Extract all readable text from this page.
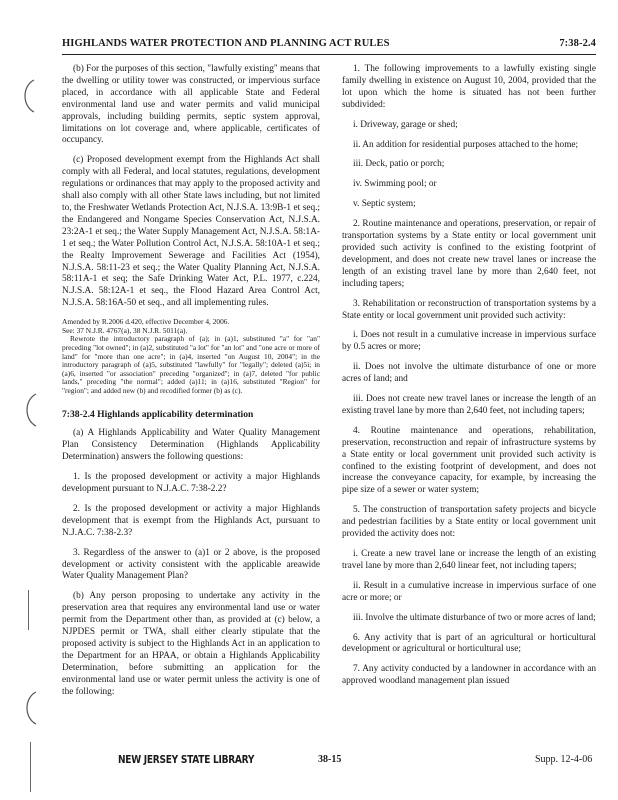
HIGHLANDS WATER PROTECTION AND PLANNING ACT RULES	7:38-2.4

(b) For the purposes of this section, "lawfully existing" means that the dwelling or utility tower was constructed, or impervious surface placed, in accordance with all applicable State and Federal environmental land use and water permits and valid municipal approvals, including building permits, septic system approval, limitations on lot coverage and, where applicable, certificates of occupancy.

(c) Proposed development exempt from the Highlands Act shall comply with all Federal, and local statutes, regulations, development regulations or ordinances that may apply to the proposed activity and shall also comply with all other State laws including, but not limited to, the Freshwater Wetlands Protection Act, N.J.S.A. 13:9B-1 et seq.; the Endangered and Nongame Species Conservation Act, N.J.S.A. 23:2A-1 et seq.; the Water Supply Management Act, N.J.S.A. 58:1A-1 et seq.; the Water Pollution Control Act, N.J.S.A. 58:10A-1 et seq.; the Realty Improvement Sewerage and Facilities Act (1954), N.J.S.A. 58:11-23 et seq.; the Water Quality Planning Act, N.J.S.A. 58:11A-1 et seq; the Safe Drinking Water Act, P.L. 1977, c.224, N.J.S.A. 58:12A-1 et seq., the Flood Hazard Area Control Act, N.J.S.A. 58:16A-50 et seq., and all implementing rules.

Amended by R.2006 d.420, effective December 4, 2006.
See: 37 N.J.R. 4767(a), 38 N.J.R. 5011(a).
Rewrote the introductory paragraph of (a); in (a)1, substituted "a" for "an" preceding "lot owned"; in (a)2, substituted "a lot" for "an lot" and "one acre or more of land" for "more than one acre"; in (a)4, inserted "on August 10, 2004"; in the introductory paragraph of (a)5, substituted "lawfully" for "legally"; deleted (a)5i; in (a)6, inserted "or association" preceding "organized"; in (a)7, deleted "for public lands," preceding "the normal"; added (a)11; in (a)16, substituted "Region" for "region"; and added new (b) and recodified former (b) as (c).
7:38-2.4 Highlands applicability determination

(a) A Highlands Applicability and Water Quality Management Plan Consistency Determination (Highlands Applicability Determination) answers the following questions:

1. Is the proposed development or activity a major Highlands development pursuant to N.J.A.C. 7:38-2.2?

2. Is the proposed development or activity a major Highlands development that is exempt from the Highlands Act, pursuant to N.J.A.C. 7:38-2.3?

3. Regardless of the answer to (a)1 or 2 above, is the proposed development or activity consistent with the applicable areawide Water Quality Management Plan?

(b) Any person proposing to undertake any activity in the preservation area that requires any environmental land use or water permit from the Department other than, as provided at (c) below, a NJPDES permit or TWA, shall either clearly stipulate that the proposed activity is subject to the Highlands Act in an application to the Department for an HPAA, or obtain a Highlands Applicability Determination, before submitting an application for the environmental land use or water permit unless the activity is one of the following:

1. The following improvements to a lawfully existing single family dwelling in existence on August 10, 2004, provided that the lot upon which the home is situated has not been further subdivided:

i. Driveway, garage or shed;

ii. An addition for residential purposes attached to the home;

iii. Deck, patio or porch;

iv. Swimming pool; or

v. Septic system;

2. Routine maintenance and operations, preservation, or repair of transportation systems by a State entity or local government unit provided such activity is confined to the existing footprint of development, and does not create new travel lanes or increase the length of an existing travel lane by more than 2,640 feet, not including tapers;

3. Rehabilitation or reconstruction of transportation systems by a State entity or local government unit provided such activity:

i. Does not result in a cumulative increase in impervious surface by 0.5 acres or more;

ii. Does not involve the ultimate disturbance of one or more acres of land; and

iii. Does not create new travel lanes or increase the length of an existing travel lane by more than 2,640 feet, not including tapers;

4. Routine maintenance and operations, rehabilitation, preservation, reconstruction and repair of infrastructure systems by a State entity or local government unit provided such activity is confined to the existing footprint of development, and does not increase the conveyance capacity, for example, by increasing the pipe size of a sewer or water system;

5. The construction of transportation safety projects and bicycle and pedestrian facilities by a State entity or local government unit provided the activity does not:

i. Create a new travel lane or increase the length of an existing travel lane by more than 2,640 linear feet, not including tapers;

ii. Result in a cumulative increase in impervious surface of one acre or more; or

iii. Involve the ultimate disturbance of two or more acres of land;

6. Any activity that is part of an agricultural or horticultural development or agricultural or horticultural use;

7. Any activity conducted by a landowner in accordance with an approved woodland management plan issued

NEW JERSEY STATE LIBRARY	38-15	Supp. 12-4-06
